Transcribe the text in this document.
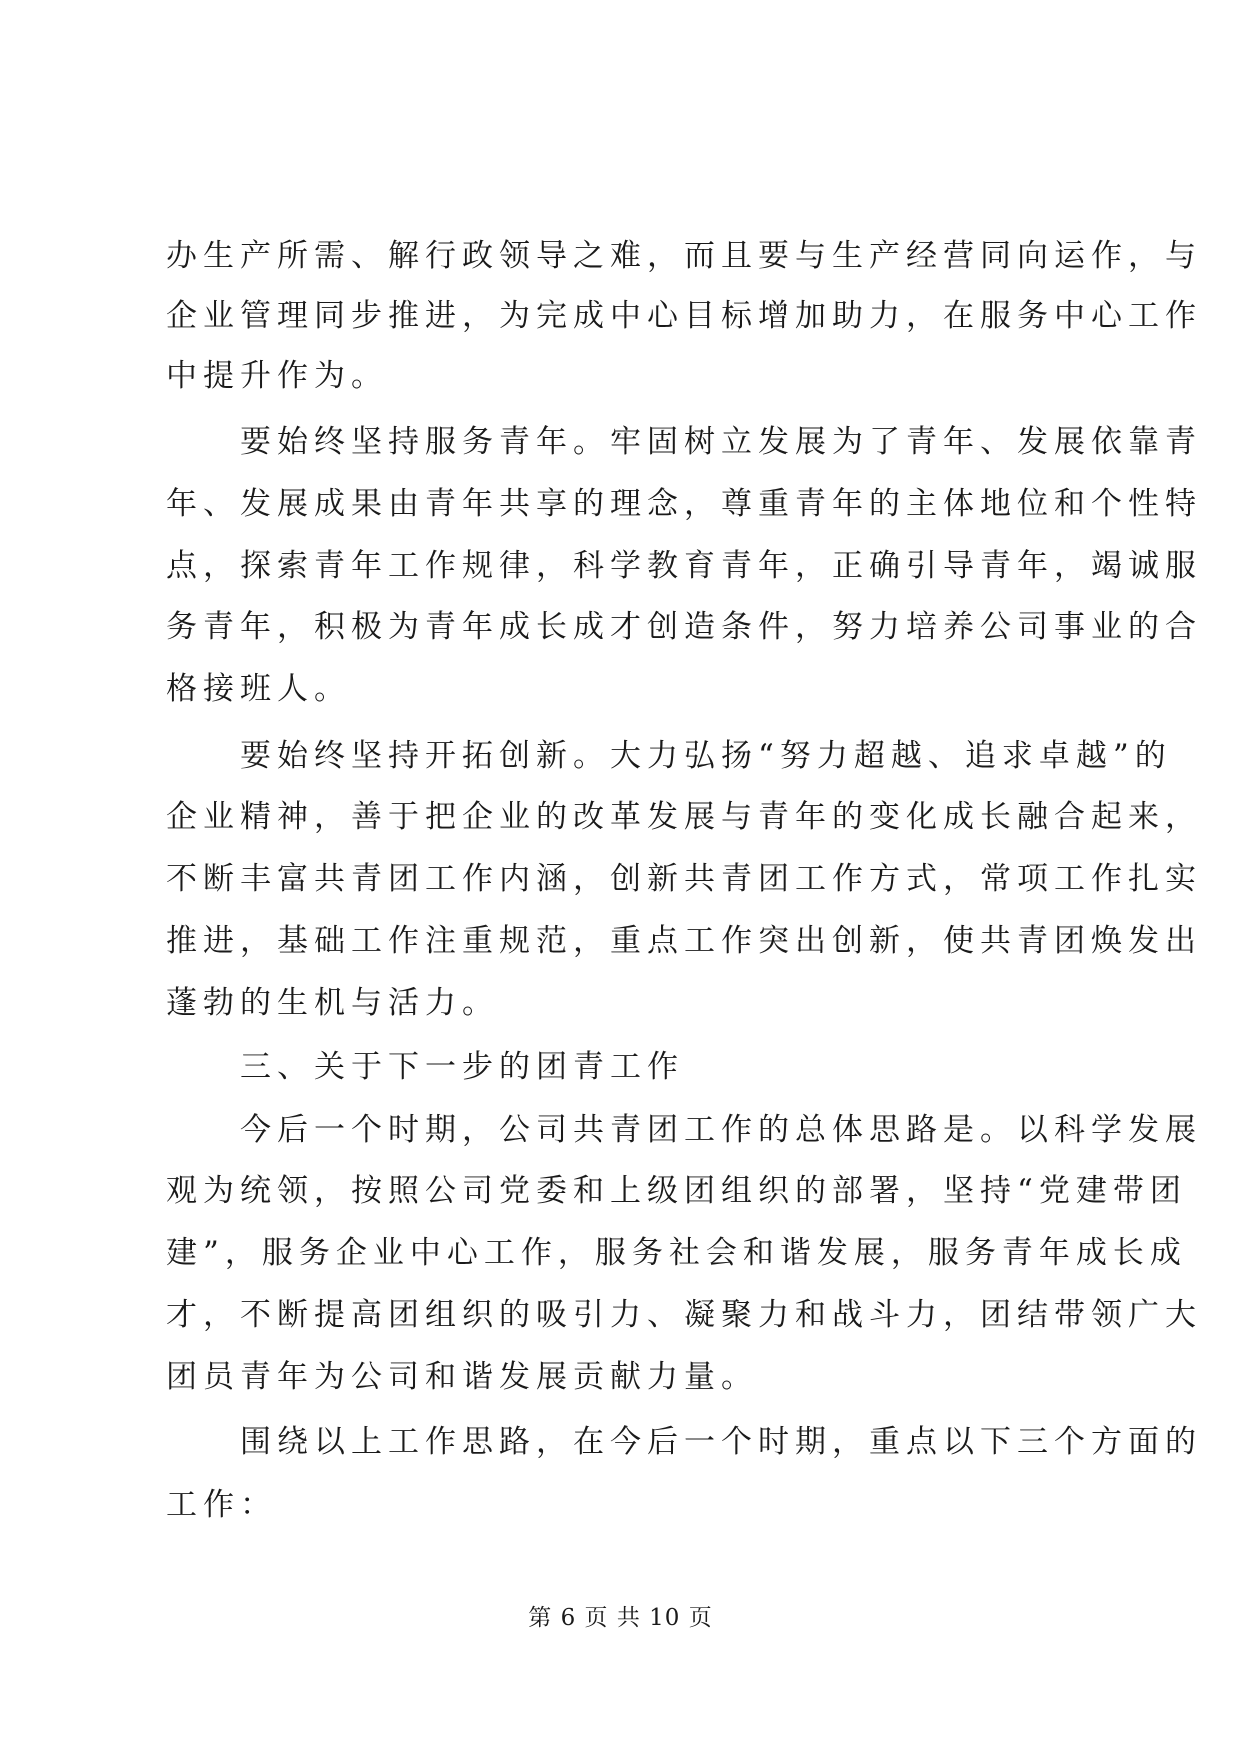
办生产所需、解行政领导之难，而且要与生产经营同向运作，与

企业管理同步推进，为完成中心目标增加助力，在服务中心工作

中提升作为。

　　要始终坚持服务青年。牢固树立发展为了青年、发展依靠青

年、发展成果由青年共享的理念，尊重青年的主体地位和个性特

点，探索青年工作规律，科学教育青年，正确引导青年，竭诚服

务青年，积极为青年成长成才创造条件，努力培养公司事业的合

格接班人。

　　要始终坚持开拓创新。大力弘扬“努力超越、追求卓越”的

企业精神，善于把企业的改革发展与青年的变化成长融合起来，

不断丰富共青团工作内涵，创新共青团工作方式，常项工作扎实

推进，基础工作注重规范，重点工作突出创新，使共青团焕发出

蓬勃的生机与活力。

　　三、关于下一步的团青工作

　　今后一个时期，公司共青团工作的总体思路是。以科学发展

观为统领，按照公司党委和上级团组织的部署，坚持“党建带团

建”，服务企业中心工作，服务社会和谐发展，服务青年成长成

才，不断提高团组织的吸引力、凝聚力和战斗力，团结带领广大

团员青年为公司和谐发展贡献力量。

　　围绕以上工作思路，在今后一个时期，重点以下三个方面的

工作：

第 6 页 共 10 页
